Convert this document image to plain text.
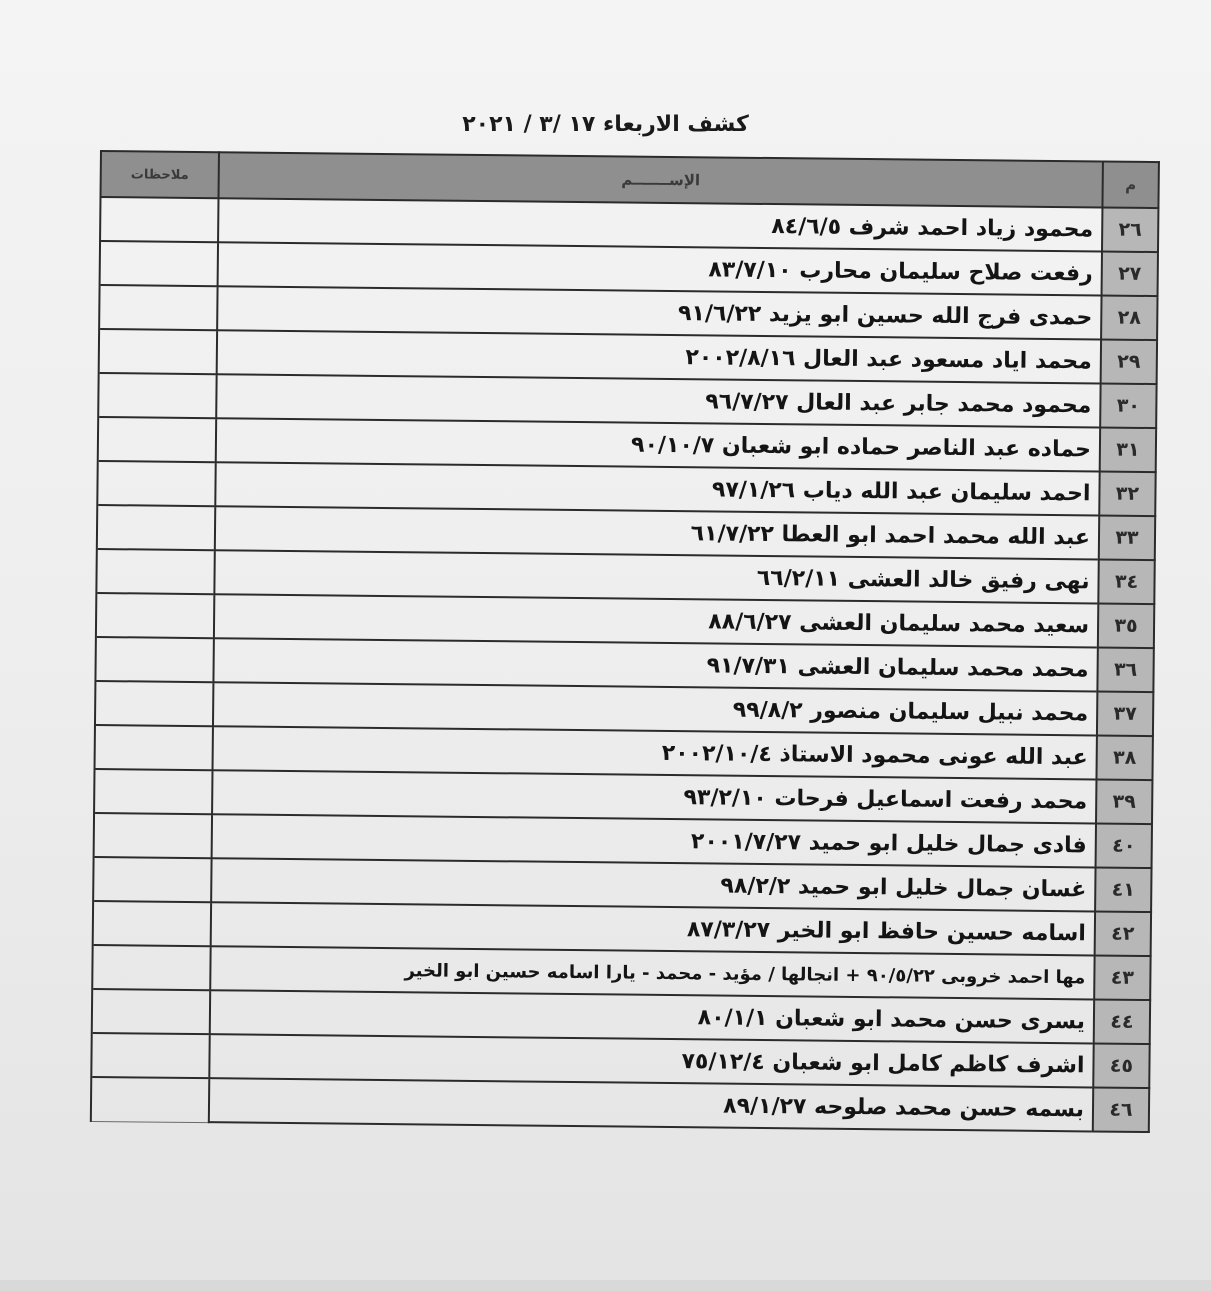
كشف الاربعاء ١٧ /٣ / ٢٠٢١
م	الإســـــــم	ملاحظات
٢٦	محمود زياد احمد شرف ٨٤/٦/٥	
٢٧	رفعت صلاح سليمان محارب ٨٣/٧/١٠	
٢٨	حمدى فرج الله حسين ابو يزيد ٩١/٦/٢٢	
٢٩	محمد اياد مسعود عبد العال ٢٠٠٢/٨/١٦	
٣٠	محمود محمد جابر عبد العال ٩٦/٧/٢٧	
٣١	حماده عبد الناصر حماده ابو شعبان ٩٠/١٠/٧	
٣٢	احمد سليمان عبد الله دياب ٩٧/١/٢٦	
٣٣	عبد الله محمد احمد ابو العطا ٦١/٧/٢٢	
٣٤	نهى رفيق خالد العشى ٦٦/٢/١١	
٣٥	سعيد محمد سليمان العشى ٨٨/٦/٢٧	
٣٦	محمد محمد سليمان العشى ٩١/٧/٣١	
٣٧	محمد نبيل سليمان منصور ٩٩/٨/٢	
٣٨	عبد الله عونى محمود الاستاذ ٢٠٠٢/١٠/٤	
٣٩	محمد رفعت اسماعيل فرحات ٩٣/٢/١٠	
٤٠	فادى جمال خليل ابو حميد ٢٠٠١/٧/٢٧	
٤١	غسان جمال خليل ابو حميد ٩٨/٢/٢	
٤٢	اسامه حسين حافظ ابو الخير ٨٧/٣/٢٧	
٤٣	مها احمد خروبى ٩٠/٥/٢٢ + انجالها / مؤيد - محمد - يارا اسامه حسين ابو الخير	
٤٤	يسرى حسن محمد ابو شعبان ٨٠/١/١	
٤٥	اشرف كاظم كامل ابو شعبان ٧٥/١٢/٤	
٤٦	بسمه حسن محمد صلوحه ٨٩/١/٢٧	
